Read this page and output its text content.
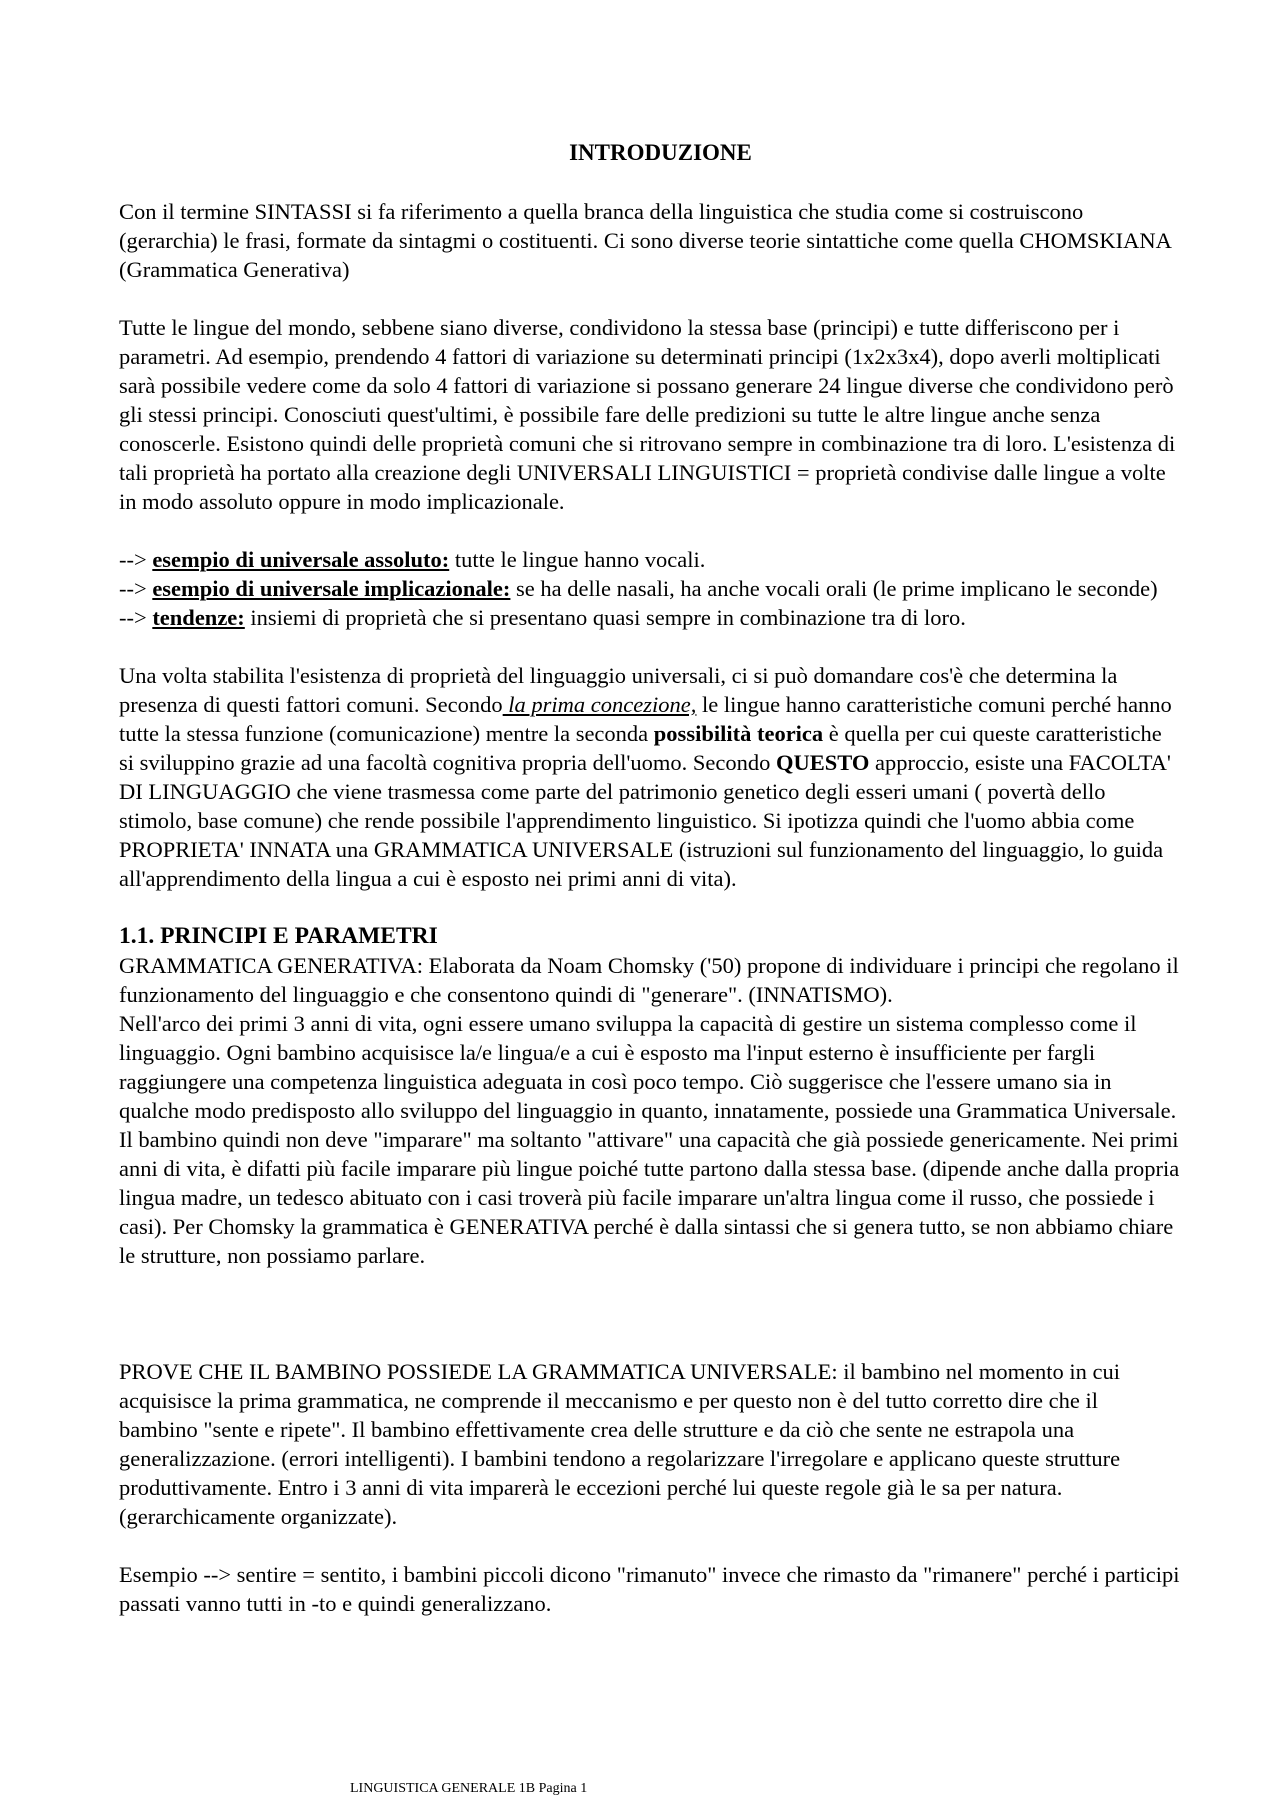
INTRODUZIONE

Con il termine SINTASSI si fa riferimento a quella branca della linguistica che studia come si costruiscono (gerarchia) le frasi, formate da sintagmi o costituenti. Ci sono diverse teorie sintattiche come quella CHOMSKIANA (Grammatica Generativa)

Tutte le lingue del mondo, sebbene siano diverse, condividono la stessa base (principi) e tutte differiscono per i parametri. Ad esempio, prendendo 4 fattori di variazione su determinati principi (1x2x3x4), dopo averli moltiplicati sarà possibile vedere come da solo 4 fattori di variazione si possano generare 24 lingue diverse che condividono però gli stessi principi. Conosciuti quest'ultimi, è possibile fare delle predizioni su tutte le altre lingue anche senza conoscerle. Esistono quindi delle proprietà comuni che si ritrovano sempre in combinazione tra di loro. L'esistenza di tali proprietà ha portato alla creazione degli UNIVERSALI LINGUISTICI = proprietà condivise dalle lingue a volte in modo assoluto oppure in modo implicazionale.

--> esempio di universale assoluto: tutte le lingue hanno vocali.

--> esempio di universale implicazionale: se ha delle nasali, ha anche vocali orali (le prime implicano le seconde)

--> tendenze: insiemi di proprietà che si presentano quasi sempre in combinazione tra di loro.

Una volta stabilita l'esistenza di proprietà del linguaggio universali, ci si può domandare cos'è che determina la presenza di questi fattori comuni. Secondo la prima concezione, le lingue hanno caratteristiche comuni perché hanno tutte la stessa funzione (comunicazione) mentre la seconda possibilità teorica è quella per cui queste caratteristiche si sviluppino grazie ad una facoltà cognitiva propria dell'uomo. Secondo QUESTO approccio, esiste una FACOLTA' DI LINGUAGGIO che viene trasmessa come parte del patrimonio genetico degli esseri umani ( povertà dello stimolo, base comune) che rende possibile l'apprendimento linguistico. Si ipotizza quindi che l'uomo abbia come PROPRIETA' INNATA una GRAMMATICA UNIVERSALE (istruzioni sul funzionamento del linguaggio, lo guida all'apprendimento della lingua a cui è esposto nei primi anni di vita).

1.1. PRINCIPI E PARAMETRI

GRAMMATICA GENERATIVA: Elaborata da Noam Chomsky ('50) propone di individuare i principi che regolano il funzionamento del linguaggio e che consentono quindi di "generare". (INNATISMO).

Nell'arco dei primi 3 anni di vita, ogni essere umano sviluppa la capacità di gestire un sistema complesso come il linguaggio. Ogni bambino acquisisce la/e lingua/e a cui è esposto ma l'input esterno è insufficiente per fargli raggiungere una competenza linguistica adeguata in così poco tempo. Ciò suggerisce che l'essere umano sia in qualche modo predisposto allo sviluppo del linguaggio in quanto, innatamente, possiede una Grammatica Universale. Il bambino quindi non deve "imparare" ma soltanto "attivare" una capacità che già possiede genericamente. Nei primi anni di vita, è difatti più facile imparare più lingue poiché tutte partono dalla stessa base. (dipende anche dalla propria lingua madre, un tedesco abituato con i casi troverà più facile imparare un'altra lingua come il russo, che possiede i casi). Per Chomsky la grammatica è GENERATIVA perché è dalla sintassi che si genera tutto, se non abbiamo chiare le strutture, non possiamo parlare.

PROVE CHE IL BAMBINO POSSIEDE LA GRAMMATICA UNIVERSALE: il bambino nel momento in cui acquisisce la prima grammatica, ne comprende il meccanismo e per questo non è del tutto corretto dire che il bambino "sente e ripete". Il bambino effettivamente crea delle strutture e da ciò che sente ne estrapola una generalizzazione. (errori intelligenti). I bambini tendono a regolarizzare l'irregolare e applicano queste strutture produttivamente. Entro i 3 anni di vita imparerà le eccezioni perché lui queste regole già le sa per natura. (gerarchicamente organizzate).

Esempio --> sentire = sentito, i bambini piccoli dicono "rimanuto" invece che rimasto da "rimanere" perché i participi passati vanno tutti in -to e quindi generalizzano.

LINGUISTICA GENERALE 1B Pagina 1
